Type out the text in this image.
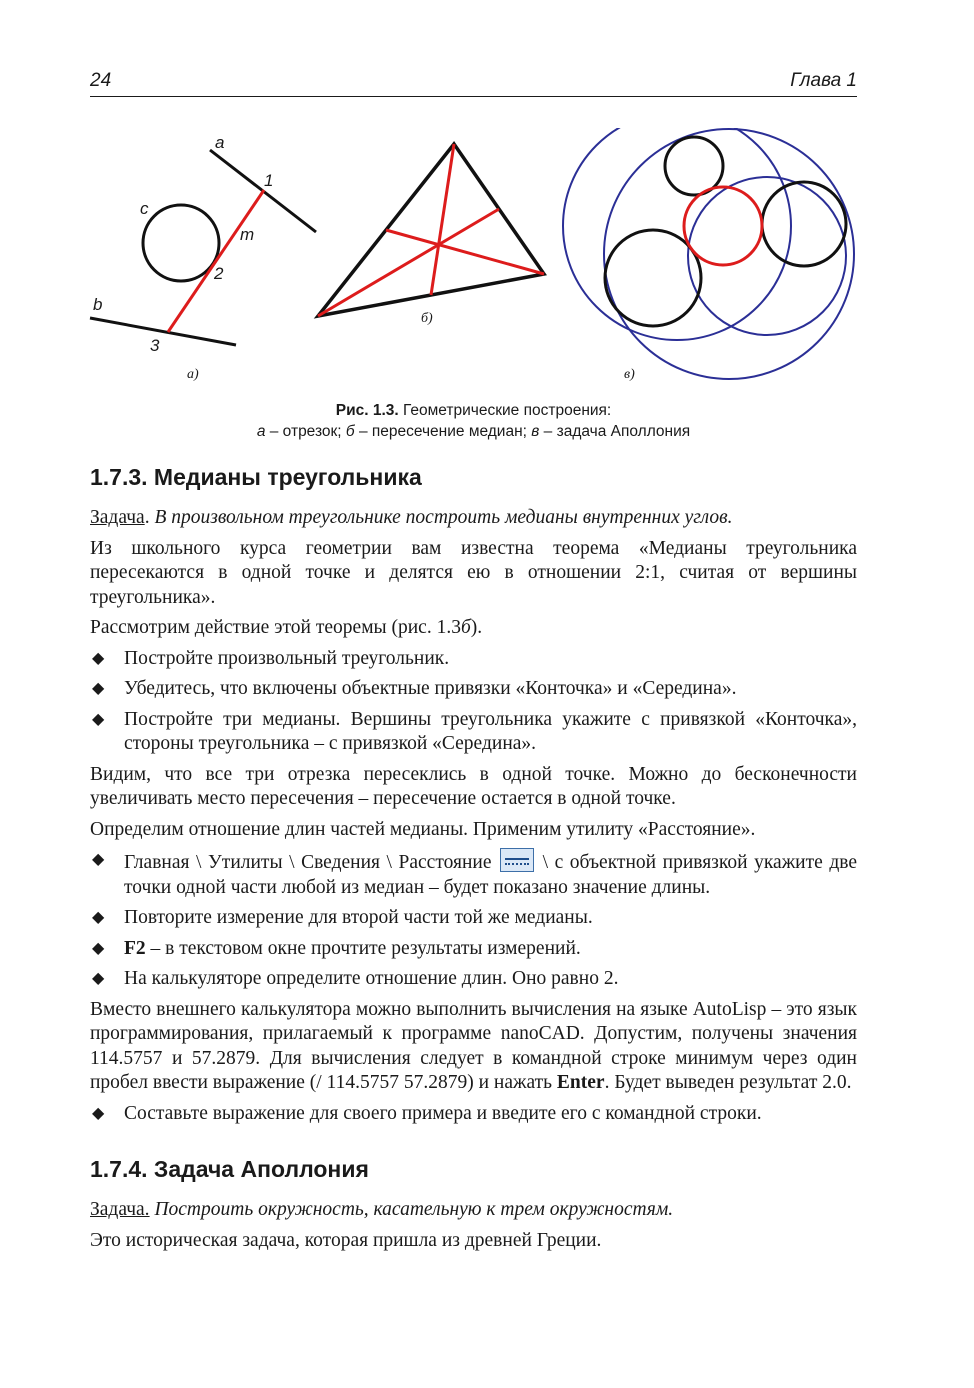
24	Глава 1
a
1
c
m
2
b
3
а)
б)
в)
Рис. 1.3. Геометрические построения:
а – отрезок; б – пересечение медиан; в – задача Аполлония
1.7.3. Медианы треугольника

Задача. В произвольном треугольнике построить медианы внутренних углов.

Из школьного курса геометрии вам известна теорема «Медианы треугольника пересекаются в одной точке и делятся ею в отношении 2:1, считая от вершины треугольника».

Рассмотрим действие этой теоремы (рис. 1.3б).

◆ Постройте произвольный треугольник.
◆ Убедитесь, что включены объектные привязки «Конточка» и «Середина».
◆ Постройте три медианы. Вершины треугольника укажите с привязкой «Конточка», стороны треугольника – с привязкой «Середина».

Видим, что все три отрезка пересеклись в одной точке. Можно до бесконечности увеличивать место пересечения – пересечение остается в одной точке.

Определим отношение длин частей медианы. Применим утилиту «Расстояние».

◆ Главная \ Утилиты \ Сведения \ Расстояние  \ с объектной привязкой укажите две точки одной части любой из медиан – будет показано значение длины.
◆ Повторите измерение для второй части той же медианы.
◆ F2 – в текстовом окне прочтите результаты измерений.
◆ На калькуляторе определите отношение длин. Оно равно 2.

Вместо внешнего калькулятора можно выполнить вычисления на языке AutoLisp – это язык программирования, прилагаемый к программе nanoCAD. Допустим, получены значения 114.5757 и 57.2879. Для вычисления следует в командной строке минимум через один пробел ввести выражение (/ 114.5757 57.2879) и нажать Enter. Будет выведен результат 2.0.

◆ Составьте выражение для своего примера и введите его с командной строки.
1.7.4. Задача Аполлония

Задача. Построить окружность, касательную к трем окружностям.

Это историческая задача, которая пришла из древней Греции.
